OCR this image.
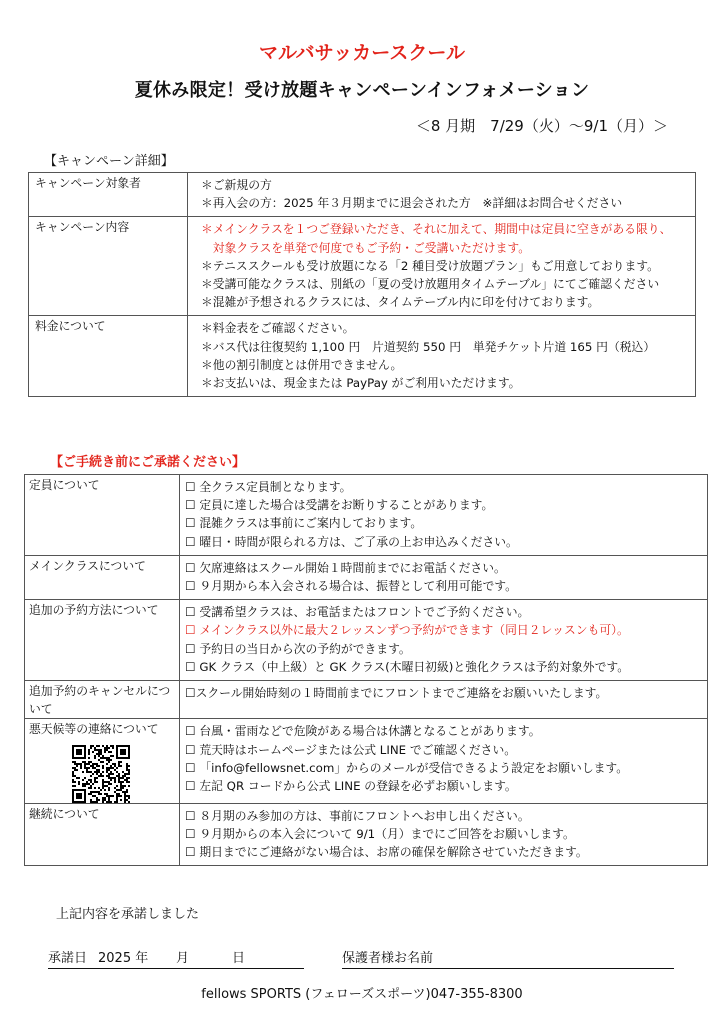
マルバサッカースクール
夏休み限定！受け放題キャンペーンインフォメーション
＜8 月期　7/29（火）～9/1（月）＞
【キャンペーン詳細】
キャンペーン対象者	＊ご新規の方
＊再入会の方：2025 年３月期までに退会された方　※詳細はお問合せください

キャンペーン内容	＊メインクラスを１つご登録いただき、それに加えて、期間中は定員に空きがある限り、
　対象クラスを単発で何度でもご予約・ご受講いただけます。
＊テニススクールも受け放題になる「2 種目受け放題プラン」もご用意しております。
＊受講可能なクラスは、別紙の「夏の受け放題用タイムテーブル」にてご確認ください
＊混雑が予想されるクラスには、タイムテーブル内に印を付けております。

料金について	＊料金表をご確認ください。
＊バス代は往復契約 1,100 円　片道契約 550 円　単発チケット片道 165 円（税込）
＊他の割引制度とは併用できません。
＊お支払いは、現金または PayPay がご利用いただけます。
【ご手続き前にご承諾ください】
定員について	☐ 全クラス定員制となります。
☐ 定員に達した場合は受講をお断りすることがあります。
☐ 混雑クラスは事前にご案内しております。
☐ 曜日・時間が限られる方は、ご了承の上お申込みください。

メインクラスについて	☐ 欠席連絡はスクール開始１時間前までにお電話ください。
☐ ９月期から本入会される場合は、振替として利用可能です。

追加の予約方法について	☐ 受講希望クラスは、お電話またはフロントでご予約ください。
☐ メインクラス以外に最大２レッスンずつ予約ができます（同日２レッスンも可）。
☐ 予約日の当日から次の予約ができます。
☐ GK クラス（中上級）と GK クラス(木曜日初級)と強化クラスは予約対象外です。

追加予約のキャンセルについて	☐スクール開始時刻の１時間前までにフロントまでご連絡をお願いいたします。

悪天候等の連絡について	☐ 台風・雷雨などで危険がある場合は休講となることがあります。
☐ 荒天時はホームページまたは公式 LINE でご確認ください。
☐ 「info@fellowsnet.com」からのメールが受信できるよう設定をお願いします。
☐ 左記 QR コードから公式 LINE の登録を必ずお願いします。

継続について	☐ ８月期のみ参加の方は、事前にフロントへお申し出ください。
☐ ９月期からの本入会について 9/1（月）までにご回答をお願いします。
☐ 期日までにご連絡がない場合は、お席の確保を解除させていただきます。
上記内容を承諾しました
承諾日 2025 年 月	日	保護者様お名前
fellows SPORTS (フェローズスポーツ)047-355-8300
